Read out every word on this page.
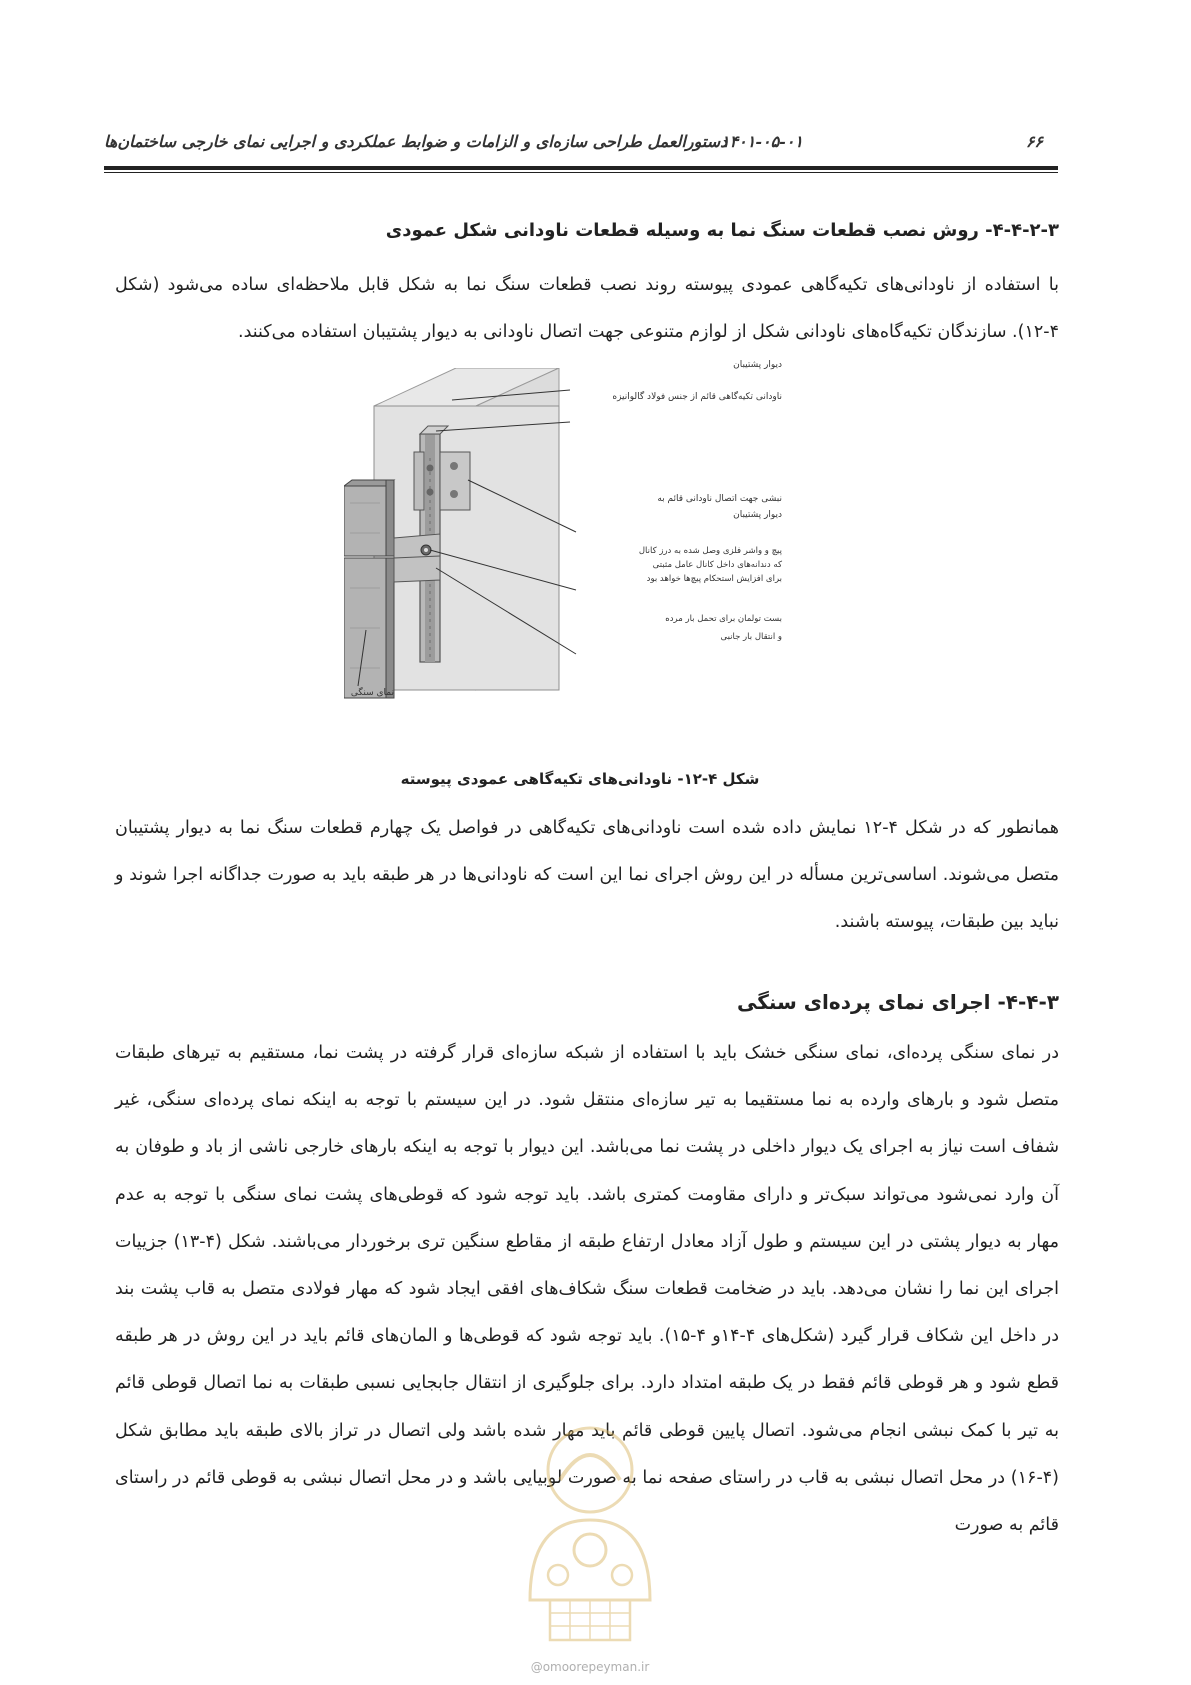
۶۶
۱۴۰۱-۰۵-۰۱
دستورالعمل طراحی سازه‌ای و الزامات و ضوابط عملکردی و اجرایی نمای خارجی ساختمان‌ها
۴-۴-۲-۳- روش نصب قطعات سنگ نما به وسیله قطعات ناودانی شکل عمودی

با استفاده از ناودانی‌های تکیه‌گاهی عمودی پیوسته روند نصب قطعات سنگ نما به شکل قابل ملاحظه‌ای ساده می‌شود (شکل ۴-۱۲). سازندگان تکیه‌گاه‌های ناودانی شکل از لوازم متنوعی جهت اتصال ناودانی به دیوار پشتیبان استفاده می‌کنند.

دیوار پشتیبان
ناودانی تکیه‌گاهی قائم از جنس فولاد گالوانیزه
نبشی جهت اتصال ناودانی قائم به
دیوار پشتیبان
پیچ و واشر فلزی وصل شده به درز کانال
که دندانه‌های داخل کانال عامل مثبتی
برای افزایش استحکام پیچ‌ها خواهد بود
بست تولمان برای تحمل بار مرده
و انتقال بار جانبی
نمای سنگی
شکل ۴-۱۲- ناودانی‌های تکیه‌گاهی عمودی پیوسته

همانطور که در شکل ۴-۱۲ نمایش داده شده است ناودانی‌های تکیه‌گاهی در فواصل یک چهارم قطعات سنگ نما به دیوار پشتیبان متصل می‌شوند. اساسی‌ترین مسأله در این روش اجرای نما این است که ناودانی‌ها در هر طبقه باید به صورت جداگانه اجرا شوند و نباید بین طبقات، پیوسته باشند.

۴-۴-۳- اجرای نمای پرده‌ای سنگی

در نمای سنگی پرده‌ای، نمای سنگی خشک باید با استفاده از شبکه سازه‌ای قرار گرفته در پشت نما، مستقیم به تیرهای طبقات متصل شود و بارهای وارده به نما مستقیما به تیر سازه‌ای منتقل شود. در این سیستم با توجه به اینکه نمای پرده‌ای سنگی، غیر شفاف است نیاز به اجرای یک دیوار داخلی در پشت نما می‌باشد. این دیوار با توجه به اینکه بارهای خارجی ناشی از باد و طوفان به آن وارد نمی‌شود می‌تواند سبک‌تر و دارای مقاومت کمتری باشد. باید توجه شود که قوطی‌های پشت نمای سنگی با توجه به عدم مهار به دیوار پشتی در این سیستم و طول آزاد معادل ارتفاع طبقه از مقاطع سنگین تری برخوردار می‌باشند. شکل (۴-۱۳) جزییات اجرای این نما را نشان می‌دهد. باید در ضخامت قطعات سنگ شکاف‌های افقی ایجاد شود که مهار فولادی متصل به قاب پشت بند در داخل این شکاف قرار گیرد (شکل‌های ۴-۱۴و ۴-۱۵). باید توجه شود که قوطی‌ها و المان‌های قائم باید در این روش در هر طبقه قطع شود و هر قوطی قائم فقط در یک طبقه امتداد دارد. برای جلوگیری از انتقال جابجایی نسبی طبقات به نما اتصال قوطی قائم به تیر با کمک نبشی انجام می‌شود. اتصال پایین قوطی قائم باید مهار شده باشد ولی اتصال در تراز بالای طبقه باید مطابق شکل (۴-۱۶) در محل اتصال نبشی به قاب در راستای صفحه نما به صورت لوبیایی باشد و در محل اتصال نبشی به قوطی قائم در راستای قائم به صورت

@omoorepeyman.ir
